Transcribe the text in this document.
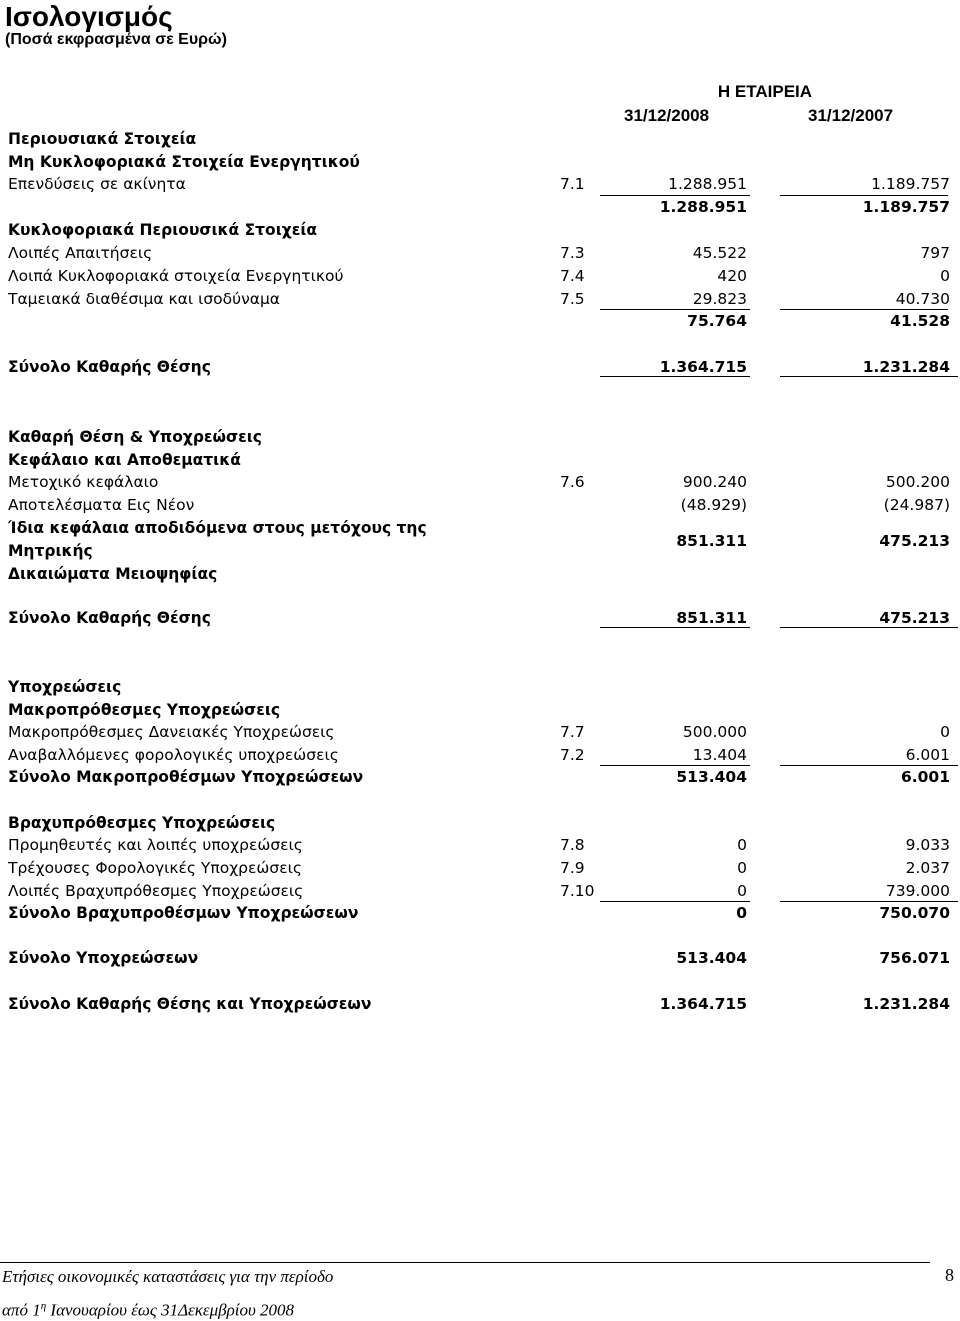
Ισολογισμός
(Ποσά εκφρασμένα σε Ευρώ)
Η ΕΤΑΙΡΕΙΑ
31/12/2008	31/12/2007
Περιουσιακά Στοιχεία
Μη Κυκλοφοριακά Στοιχεία Ενεργητικού
Επενδύσεις σε ακίνητα	7.1	1.288.951	1.189.757
1.288.951	1.189.757
Κυκλοφοριακά Περιουσικά Στοιχεία
Λοιπές Απαιτήσεις	7.3	45.522	797
Λοιπά Κυκλοφοριακά στοιχεία Ενεργητικού	7.4	420	0
Ταμειακά διαθέσιμα και ισοδύναμα	7.5	29.823	40.730
75.764	41.528
Σύνολο Καθαρής Θέσης	1.364.715	1.231.284
Καθαρή Θέση & Υποχρεώσεις
Κεφάλαιο και Αποθεματικά
Μετοχικό κεφάλαιο	7.6	900.240	500.200
Αποτελέσματα Εις Νέον	(48.929)	(24.987)
Ίδια κεφάλαια αποδιδόμενα στους μετόχους της
Μητρικής
851.311	475.213
Δικαιώματα Μειοψηφίας
Σύνολο Καθαρής Θέσης	851.311	475.213
Υποχρεώσεις
Μακροπρόθεσμες Υποχρεώσεις
Μακροπρόθεσμες Δανειακές Υποχρεώσεις	7.7	500.000	0
Αναβαλλόμενες φορολογικές υποχρεώσεις	7.2	13.404	6.001
Σύνολο Μακροπροθέσμων Υποχρεώσεων	513.404	6.001
Βραχυπρόθεσμες Υποχρεώσεις
Προμηθευτές και λοιπές υποχρεώσεις	7.8	0	9.033
Τρέχουσες Φορολογικές Υποχρεώσεις	7.9	0	2.037
Λοιπές Βραχυπρόθεσμες Υποχρεώσεις	7.10	0	739.000
Σύνολο Βραχυπροθέσμων Υποχρεώσεων	0	750.070
Σύνολο Υποχρεώσεων	513.404	756.071
Σύνολο Καθαρής Θέσης και Υποχρεώσεων	1.364.715	1.231.284
Ετήσιες οικονομικές καταστάσεις για την περίοδο
από $1^\eta$ Ιανουαρίου έως 31Δεκεμβρίου 2008
8
